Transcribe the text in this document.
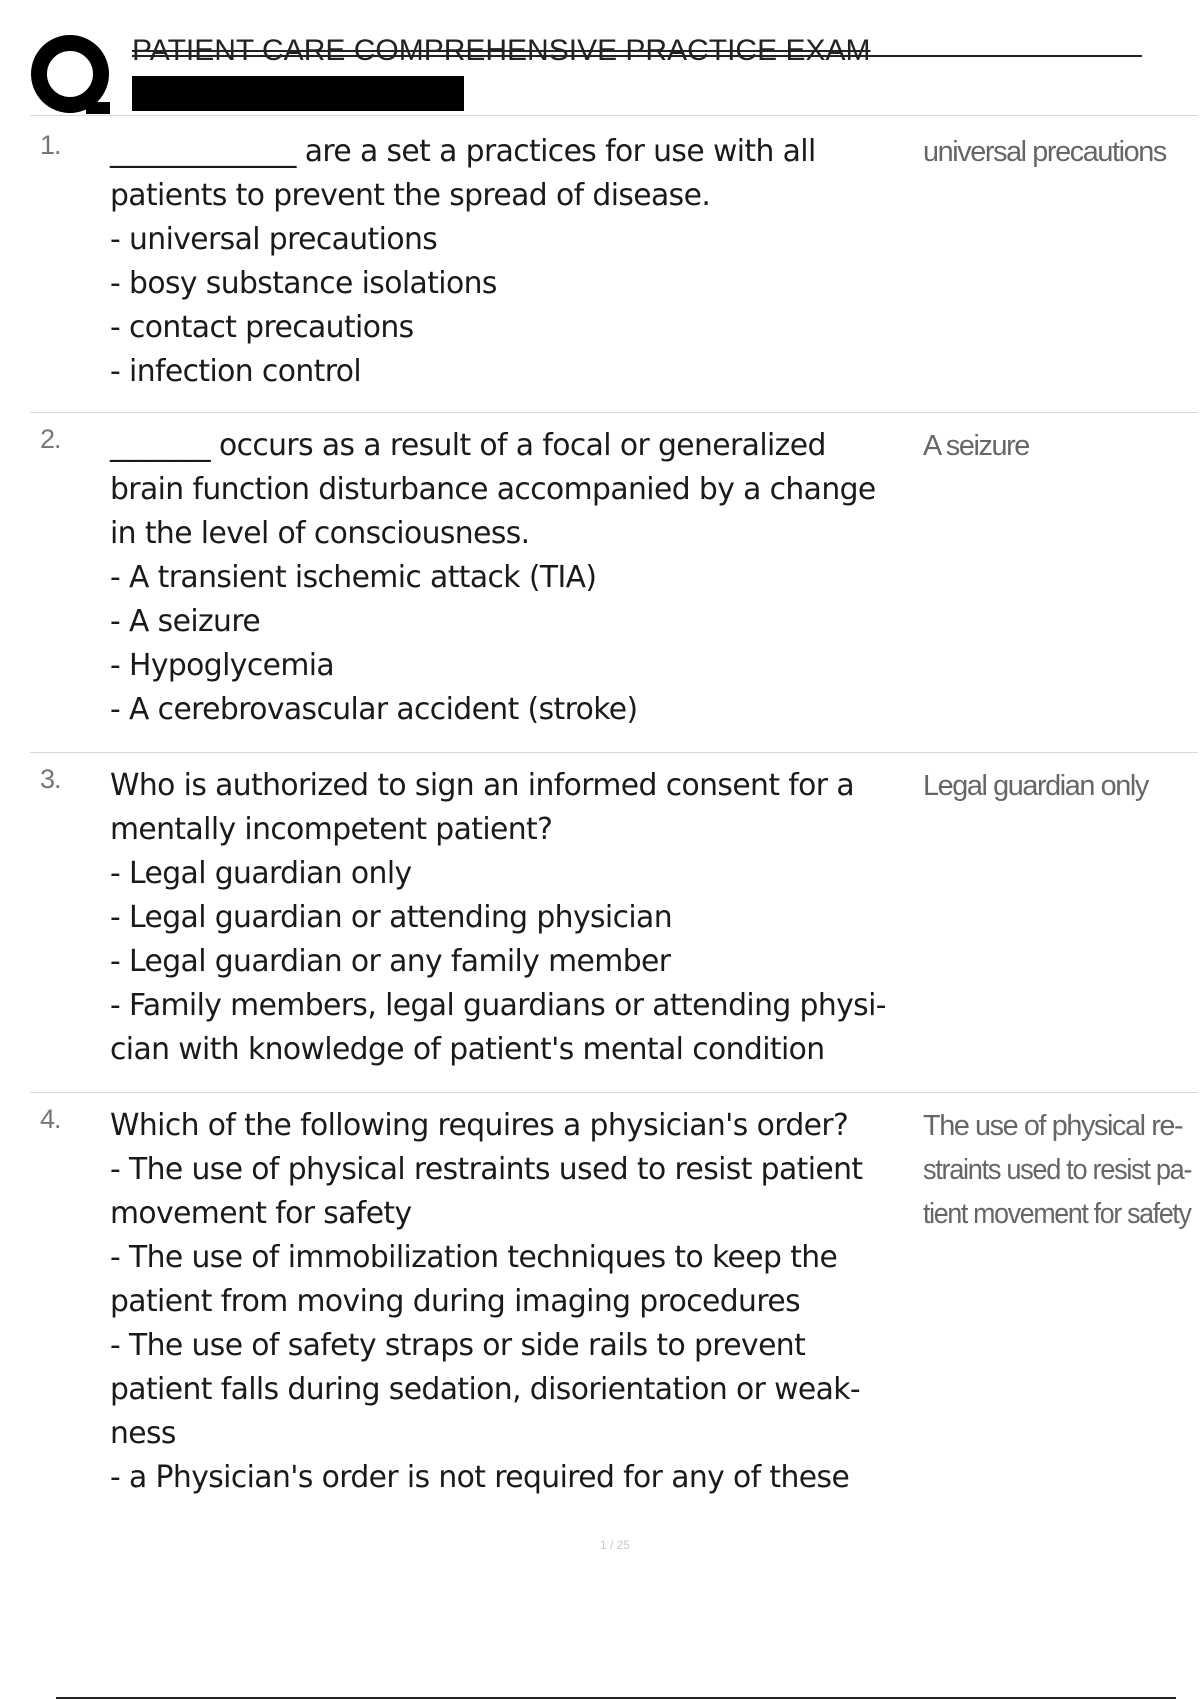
PATIENT CARE COMPREHENSIVE PRACTICE EXAM
1. _____________ are a set a practices for use with all
patients to prevent the spread of disease.
- universal precautions
- bosy substance isolations
- contact precautions
- infection control
universal precautions
2. _______ occurs as a result of a focal or generalized
brain function disturbance accompanied by a change
in the level of consciousness.
- A transient ischemic attack (TIA)
- A seizure
- Hypoglycemia
- A cerebrovascular accident (stroke)
A seizure
3. Who is authorized to sign an informed consent for a
mentally incompetent patient?
- Legal guardian only
- Legal guardian or attending physician
- Legal guardian or any family member
- Family members, legal guardians or attending physi-
cian with knowledge of patient's mental condition
Legal guardian only
4. Which of the following requires a physician's order?
- The use of physical restraints used to resist patient
movement for safety
- The use of immobilization techniques to keep the
patient from moving during imaging procedures
- The use of safety straps or side rails to prevent
patient falls during sedation, disorientation or weak-
ness
- a Physician's order is not required for any of these
The use of physical re-
straints used to resist pa-
tient movement for safety
1 / 25
